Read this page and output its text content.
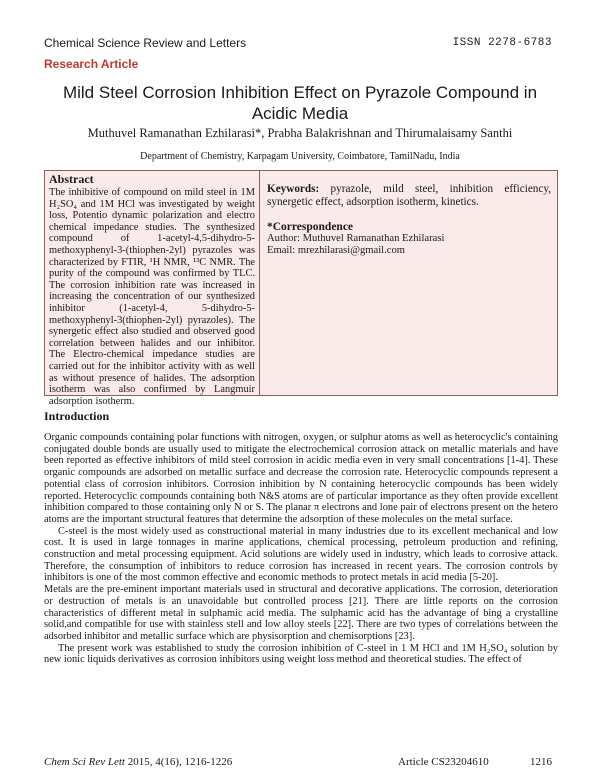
Chemical Science Review and Letters	ISSN 2278-6783
Research Article
Mild Steel Corrosion Inhibition Effect on Pyrazole Compound in Acidic Media
Muthuvel Ramanathan Ezhilarasi*, Prabha Balakrishnan and Thirumalaisamy Santhi
Department of Chemistry, Karpagam University, Coimbatore, TamilNadu, India
Abstract
The inhibitive of compound on mild steel in 1M H₂SO₄ and 1M HCl was investigated by weight loss, Potentio dynamic polarization and electro chemical impedance studies. The synthesized compound of 1-acetyl-4,5-dihydro-5-methoxyphenyl-3-(thiophen-2yl) pyrazoles was characterized by FTIR, ¹H NMR, ¹³C NMR. The purity of the compound was confirmed by TLC. The corrosion inhibition rate was increased in increasing the concentration of our synthesized inhibitor (1-acetyl-4, 5-dihydro-5-methoxyphenyl-3(thiophen-2yl) pyrazoles). The synergetic effect also studied and observed good correlation between halides and our inhibitor. The Electro-chemical impedance studies are carried out for the inhibitor activity with as well as without presence of halides. The adsorption isotherm was also confirmed by Langmuir adsorption isotherm.
Keywords: pyrazole, mild steel, inhibition efficiency, synergetic effect, adsorption isotherm, kinetics.
*Correspondence
Author: Muthuvel Ramanathan Ezhilarasi
Email: mrezhilarasi@gmail.com
Introduction

Organic compounds containing polar functions with nitrogen, oxygen, or sulphur atoms as well as heterocyclic's containing conjugated double bonds are usually used to mitigate the electrochemical corrosion attack on metallic materials and have been reported as effective inhibitors of mild steel corrosion in acidic media even in very small concentrations [1-4]. These organic compounds are adsorbed on metallic surface and decrease the corrosion rate. Heterocyclic compounds represent a potential class of corrosion inhibitors. Corrosion inhibition by N containing heterocyclic compounds has been widely reported. Heterocyclic compounds containing both N&S atoms are of particular importance as they often provide excellent inhibition compared to those containing only N or S. The planar π electrons and lone pair of electrons present on the hetero atoms are the important structural features that determine the adsorption of these molecules on the metal surface.

C-steel is the most widely used as constructional material in many industries due to its excellent mechanical and low cost. It is used in large tonnages in marine applications, chemical processing, petroleum production and refining, construction and metal processing equipment. Acid solutions are widely used in industry, which leads to corrosive attack. Therefore, the consumption of inhibitors to reduce corrosion has increased in recent years. The corrosion controls by inhibitors is one of the most common effective and economic methods to protect metals in acid media [5-20].

Metals are the pre-eminent important materials used in structural and decorative applications. The corrosion, deterioration or destruction of metals is an unavoidable but controlled process [21]. There are little reports on the corrosion characteristics of different metal in sulphamic acid media. The sulphamic acid has the advantage of bing a crystalline solid,and compatible for use with stainless stell and low alloy steels [22]. There are two types of correlations between the adsorbed inhibitor and metallic surface which are physisorption and chemisorptions [23].

The present work was established to study the corrosion inhibition of C-steel in 1 M HCl and 1M H₂SO₄ solution by new ionic liquids derivatives as corrosion inhibitors using weight loss method and theoretical studies. The effect of

Chem Sci Rev Lett 2015, 4(16), 1216-1226	Article CS23204610	1216
